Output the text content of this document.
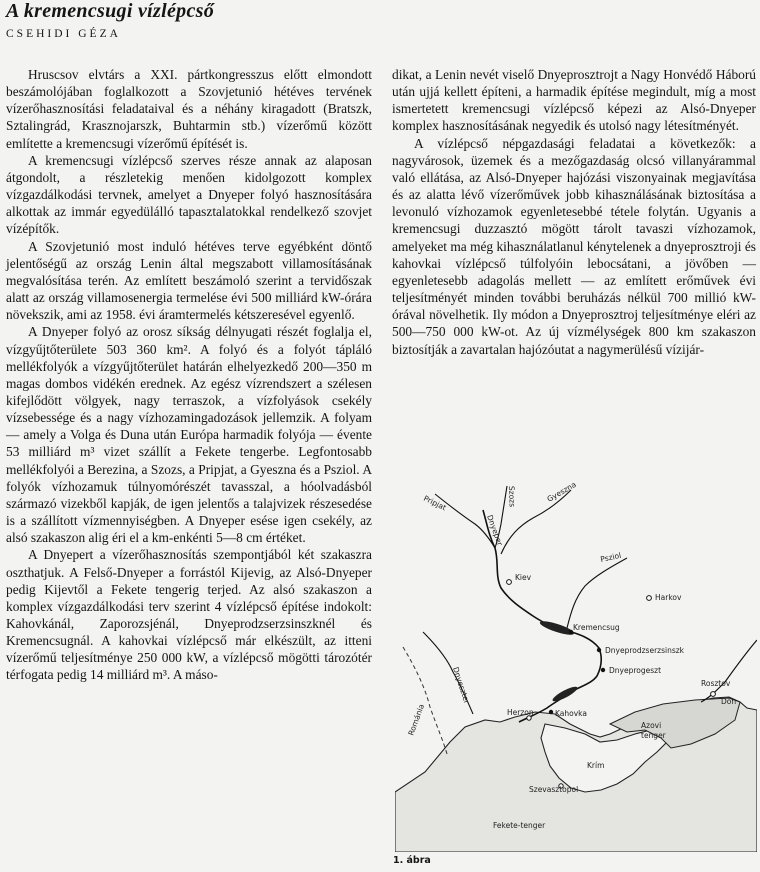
A kremencsugi vízlépcső
CSEHIDI GÉZA

Hruscsov elvtárs a XXI. pártkongresszus előtt elmondott beszámolójában foglalkozott a Szovjetunió hétéves tervének vízerőhasznosítási feladataival és a néhány kiragadott (Bratszk, Sztalingrád, Krasznojarszk, Buhtarmin stb.) vízerőmű között említette a kremencsugi vízerőmű építését is.

A kremencsugi vízlépcső szerves része annak az alaposan átgondolt, a részletekig menően kidolgozott komplex vízgazdálkodási tervnek, amelyet a Dnyeper folyó hasznosítására alkottak az immár egyedülálló tapasztalatokkal rendelkező szovjet vízépítők.

A Szovjetunió most induló hétéves terve egyébként döntő jelentőségű az ország Lenin által megszabott villamosításának megvalósítása terén. Az említett beszámoló szerint a tervidőszak alatt az ország villamosenergia termelése évi 500 milliárd kW-órára növekszik, ami az 1958. évi áramtermelés kétszeresével egyenlő.

A Dnyeper folyó az orosz síkság délnyugati részét foglalja el, vízgyűjtőterülete 503 360 km². A folyó és a folyót tápláló mellékfolyók a vízgyűjtőterület határán elhelyezkedő 200—350 m magas dombos vidékén erednek. Az egész vízrendszert a szélesen kifejlődött völgyek, nagy terraszok, a vízfolyások csekély vízsebessége és a nagy vízhozamingadozások jellemzik. A folyam — amely a Volga és Duna után Európa harmadik folyója — évente 53 milliárd m³ vizet szállít a Fekete tengerbe. Legfontosabb mellékfolyói a Berezina, a Szozs, a Pripjat, a Gyeszna és a Psziol. A folyók vízhozamuk túlnyomórészét tavasszal, a hóolvadásból származó vizekből kapják, de igen jelentős a talajvizek részesedése is a szállított vízmennyiségben. A Dnyeper esése igen csekély, az alsó szakaszon alig éri el a km-enkénti 5—8 cm értéket.

A Dnyepert a vízerőhasznosítás szempontjából két szakaszra oszthatjuk. A Felső-Dnyeper a forrástól Kijevig, az Alsó-Dnyeper pedig Kijevtől a Fekete tengerig terjed. Az alsó szakaszon a komplex vízgazdálkodási terv szerint 4 vízlépcső építése indokolt: Kahovkánál, Zaporozsjénál, Dnyeprodzserzsinszknél és Kremencsugnál. A kahovkai vízlépcső már elkészült, az itteni vízerőmű teljesítménye 250 000 kW, a vízlépcső mögötti tározótér térfogata pedig 14 milliárd m³. A máso-

dikat, a Lenin nevét viselő Dnyeprosztrojt a Nagy Honvédő Háború után ujjá kellett építeni, a harmadik építése megindult, míg a most ismertetett kremencsugi vízlépcső képezi az Alsó-Dnyeper komplex hasznosításának negyedik és utolsó nagy létesítményét.

A vízlépcső népgazdasági feladatai a következők: a nagyvárosok, üzemek és a mezőgazdaság olcsó villanyárammal való ellátása, az Alsó-Dnyeper hajózási viszonyainak megjavítása és az alatta lévő vízerőművek jobb kihasználásának biztosítása a levonuló vízhozamok egyenletesebbé tétele folytán. Ugyanis a kremencsugi duzzasztó mögött tárolt tavaszi vízhozamok, amelyeket ma még kihasználatlanul kénytelenek a dnyeprosztroji és kahovkai vízlépcső túlfolyóin lebocsátani, a jövőben — egyenletesebb adagolás mellett — az említett erőművek évi teljesítményét minden további beruházás nélkül 700 millió kW-órával növelhetik. Ily módon a Dnyeprosztroj teljesítménye eléri az 500—750 000 kW-ot. Az új vízmélységek 800 km szakaszon biztosítják a zavartalan hajózóutat a nagymerülésű vízijár-

Pripjat
Dnyeper
Szozs	Gyeszna
Psziol
Kiev
Harkov
Kremencsug
Dnyeprodzserzsinszk
Dnyeprogeszt
Dnyeszter
Herzon	Kahovka
Rosztov
Don
Azovi
tenger
Krím
Szevasztopol
Románia
Fekete-tenger
1. ábra
